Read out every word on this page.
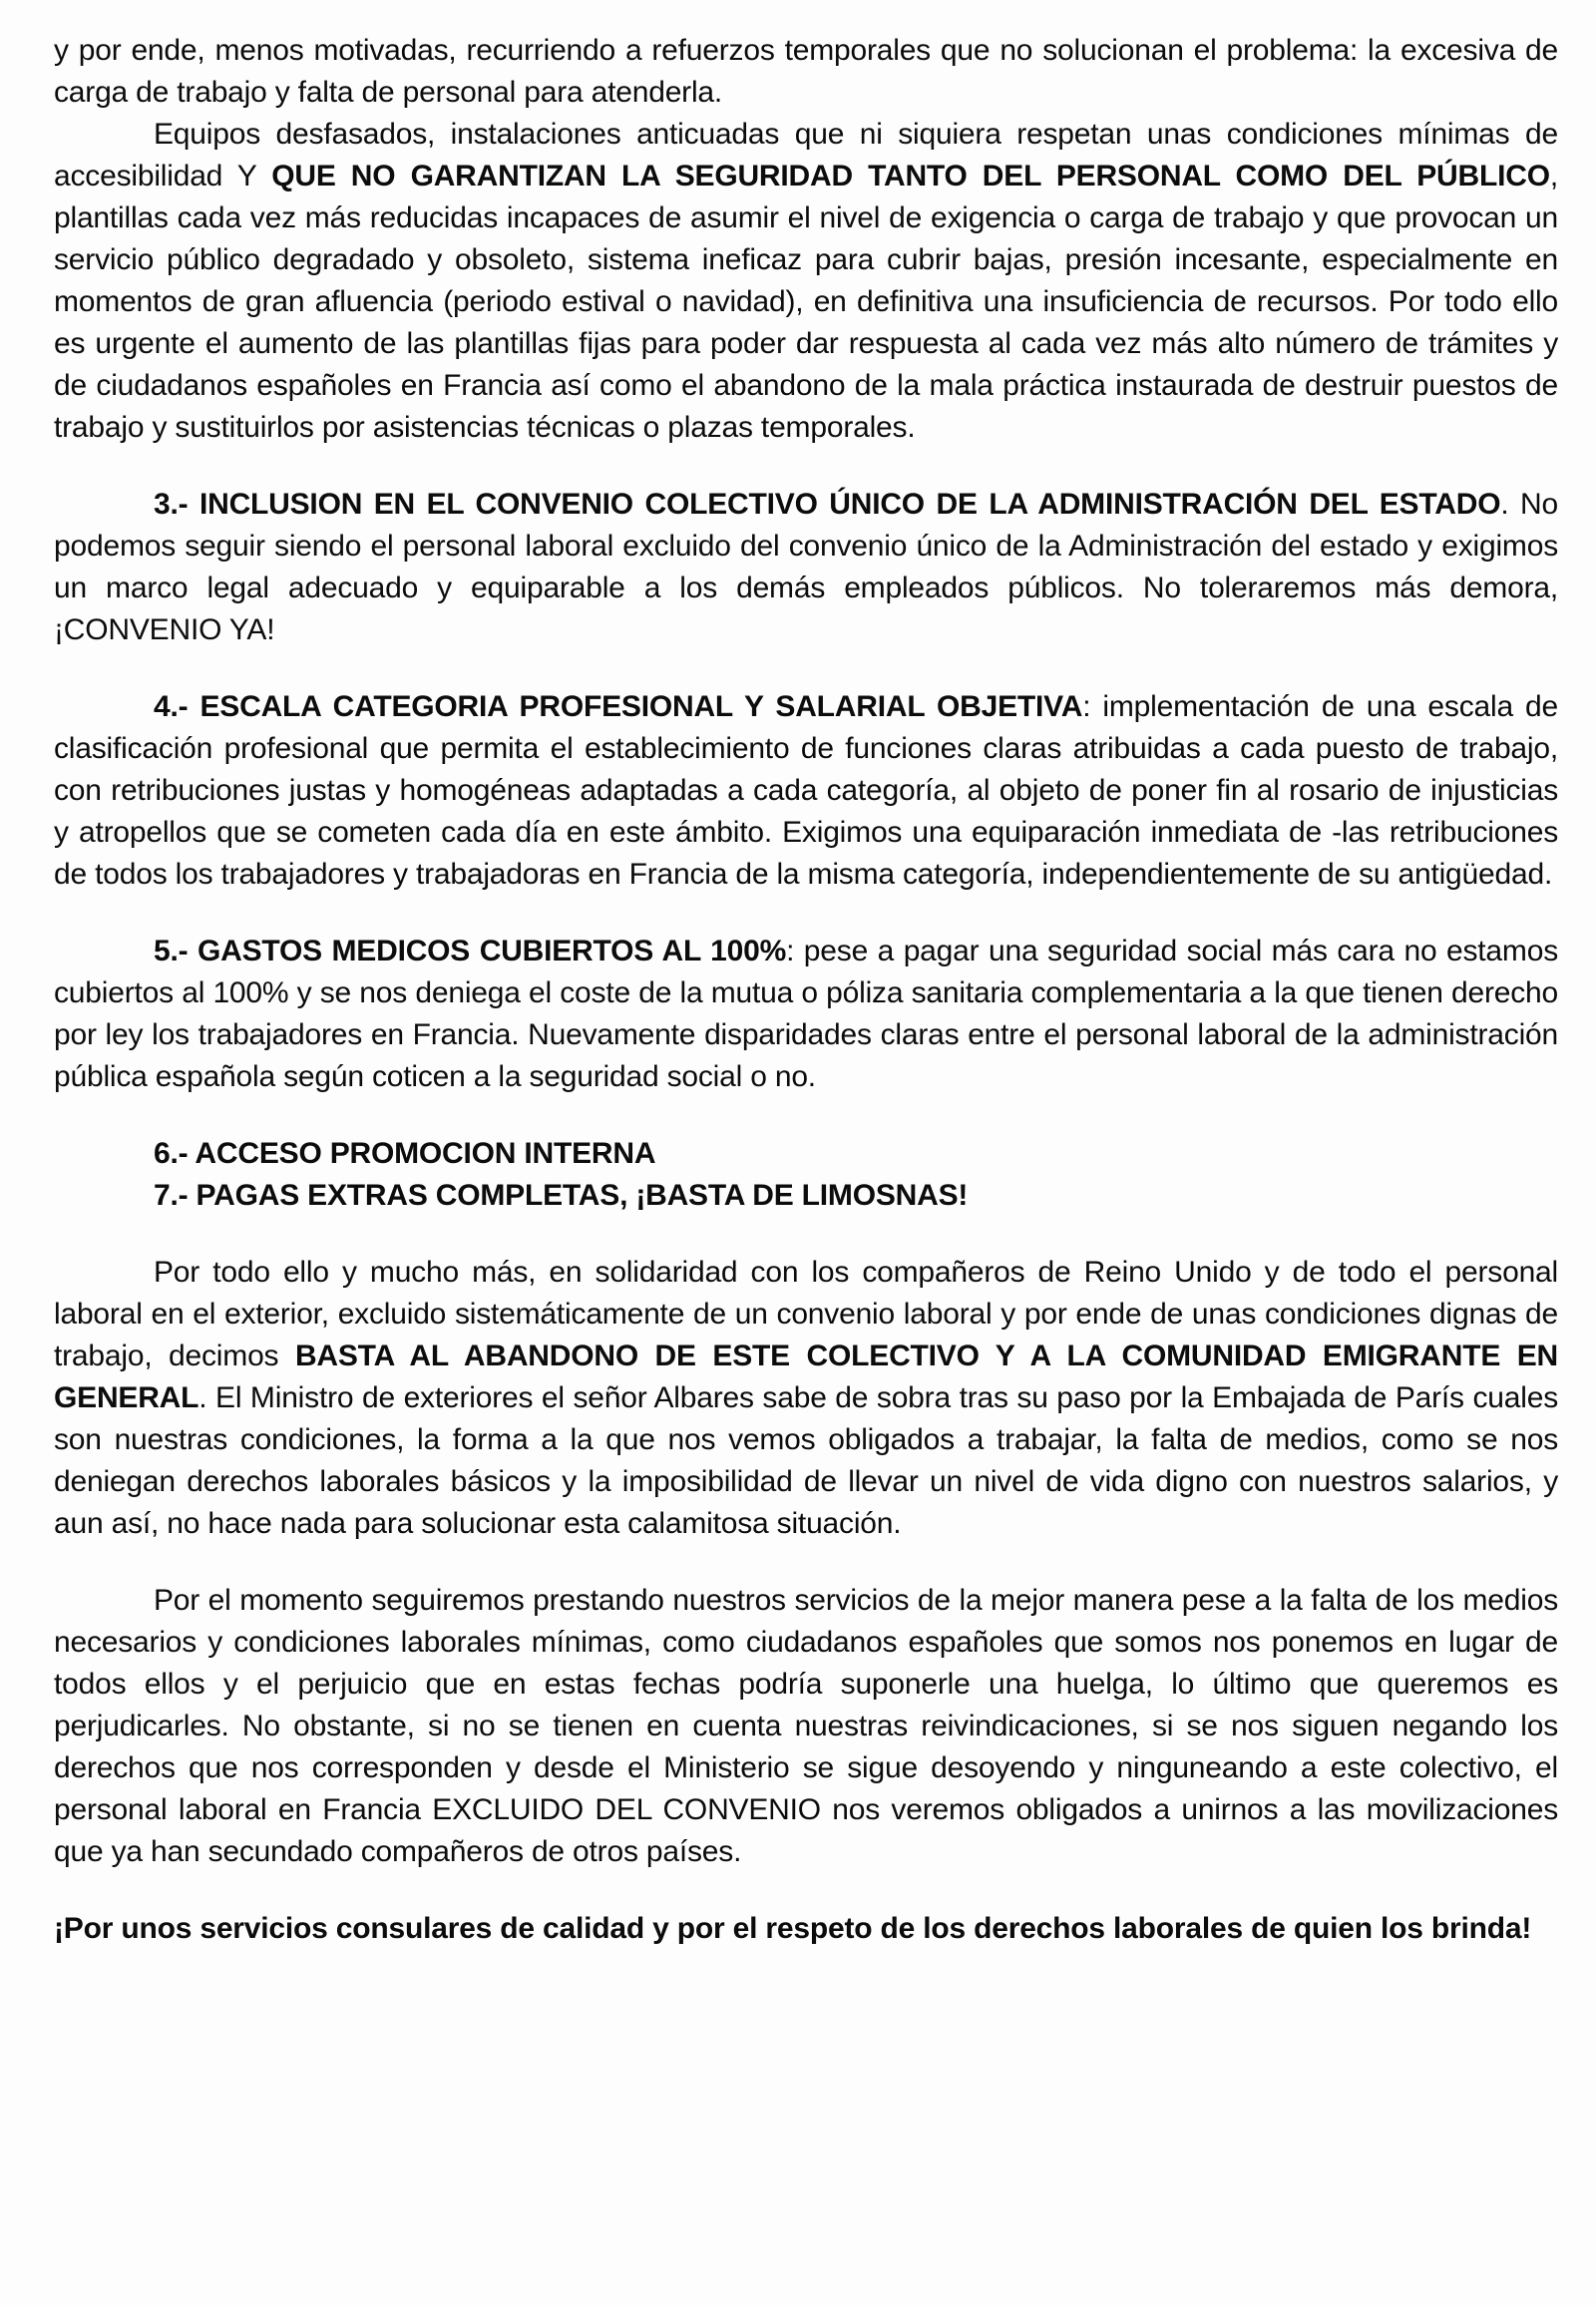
y por ende, menos motivadas, recurriendo a refuerzos temporales que no solucionan el problema: la excesiva de carga de trabajo y falta de personal para atenderla.

Equipos desfasados, instalaciones anticuadas que ni siquiera respetan unas condiciones mínimas de accesibilidad Y QUE NO GARANTIZAN LA SEGURIDAD TANTO DEL PERSONAL COMO DEL PÚBLICO, plantillas cada vez más reducidas incapaces de asumir el nivel de exigencia o carga de trabajo y que provocan un servicio público degradado y obsoleto, sistema ineficaz para cubrir bajas, presión incesante, especialmente en momentos de gran afluencia (periodo estival o navidad), en definitiva una insuficiencia de recursos. Por todo ello es urgente el aumento de las plantillas fijas para poder dar respuesta al cada vez más alto número de trámites y de ciudadanos españoles en Francia así como el abandono de la mala práctica instaurada de destruir puestos de trabajo y sustituirlos por asistencias técnicas o plazas temporales.

3.- INCLUSION EN EL CONVENIO COLECTIVO ÚNICO DE LA ADMINISTRACIÓN DEL ESTADO. No podemos seguir siendo el personal laboral excluido del convenio único de la Administración del estado y exigimos un marco legal adecuado y equiparable a los demás empleados públicos. No toleraremos más demora, ¡CONVENIO YA!

4.- ESCALA CATEGORIA PROFESIONAL Y SALARIAL OBJETIVA: implementación de una escala de clasificación profesional que permita el establecimiento de funciones claras atribuidas a cada puesto de trabajo, con retribuciones justas y homogéneas adaptadas a cada categoría, al objeto de poner fin al rosario de injusticias y atropellos que se cometen cada día en este ámbito. Exigimos una equiparación inmediata de -las retribuciones de todos los trabajadores y trabajadoras en Francia de la misma categoría, independientemente de su antigüedad.

5.- GASTOS MEDICOS CUBIERTOS AL 100%: pese a pagar una seguridad social más cara no estamos cubiertos al 100% y se nos deniega el coste de la mutua o póliza sanitaria complementaria a la que tienen derecho por ley los trabajadores en Francia. Nuevamente disparidades claras entre el personal laboral de la administración pública española según coticen a la seguridad social o no.

6.- ACCESO PROMOCION INTERNA

7.- PAGAS EXTRAS COMPLETAS, ¡BASTA DE LIMOSNAS!

Por todo ello y mucho más, en solidaridad con los compañeros de Reino Unido y de todo el personal laboral en el exterior, excluido sistemáticamente de un convenio laboral y por ende de unas condiciones dignas de trabajo, decimos BASTA AL ABANDONO DE ESTE COLECTIVO Y A LA COMUNIDAD EMIGRANTE EN GENERAL. El Ministro de exteriores el señor Albares sabe de sobra tras su paso por la Embajada de París cuales son nuestras condiciones, la forma a la que nos vemos obligados a trabajar, la falta de medios, como se nos deniegan derechos laborales básicos y la imposibilidad de llevar un nivel de vida digno con nuestros salarios, y aun así, no hace nada para solucionar esta calamitosa situación.

Por el momento seguiremos prestando nuestros servicios de la mejor manera pese a la falta de los medios necesarios y condiciones laborales mínimas, como ciudadanos españoles que somos nos ponemos en lugar de todos ellos y el perjuicio que en estas fechas podría suponerle una huelga, lo último que queremos es perjudicarles. No obstante, si no se tienen en cuenta nuestras reivindicaciones, si se nos siguen negando los derechos que nos corresponden y desde el Ministerio se sigue desoyendo y ninguneando a este colectivo, el personal laboral en Francia EXCLUIDO DEL CONVENIO nos veremos obligados a unirnos a las movilizaciones que ya han secundado compañeros de otros países.

¡Por unos servicios consulares de calidad y por el respeto de los derechos laborales de quien los brinda!
